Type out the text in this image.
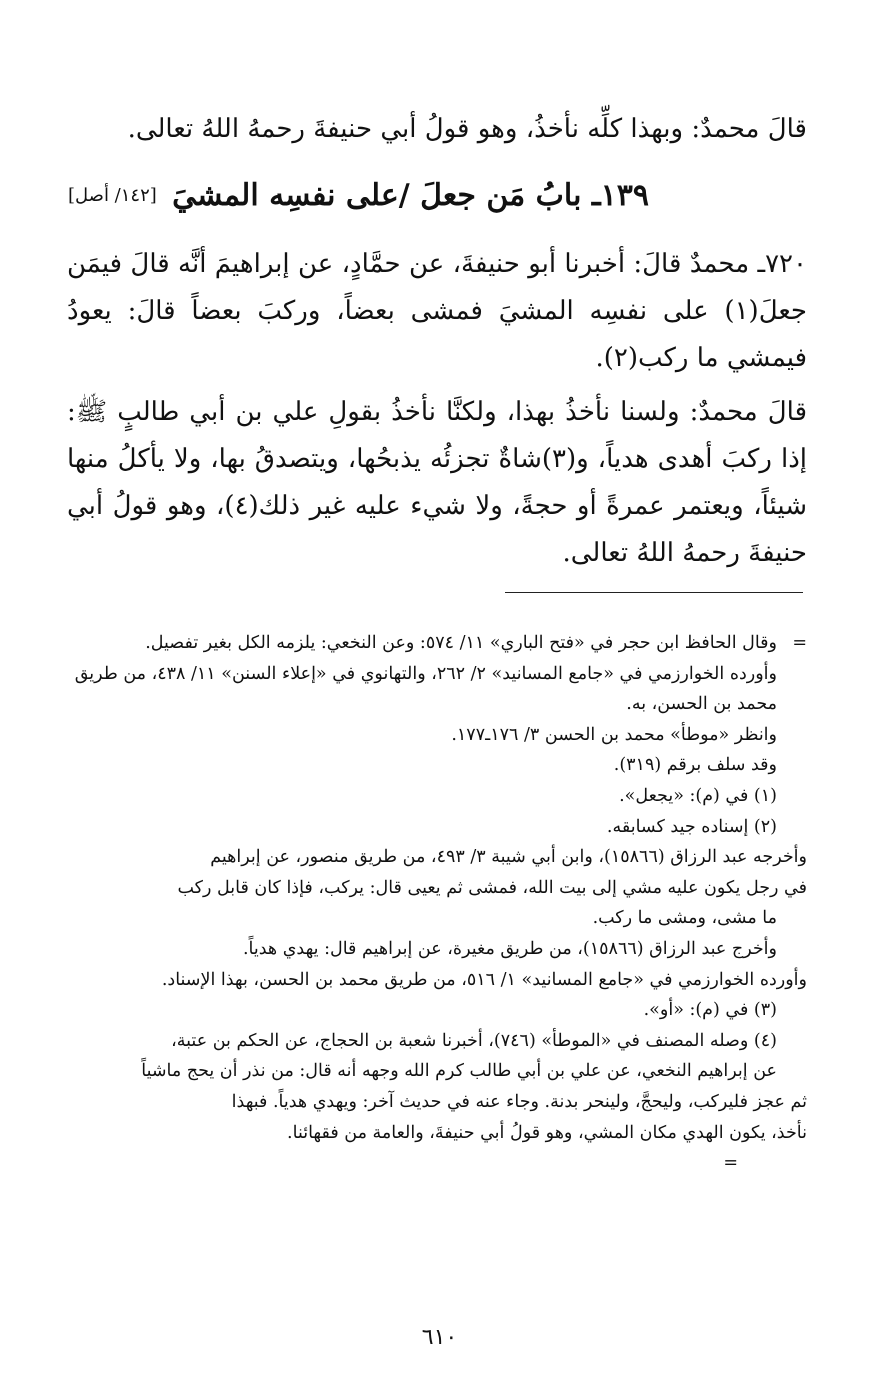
قالَ محمدٌ: وبهذا كلِّه نأخذُ، وهو قولُ أبي حنيفةَ رحمهُ اللهُ تعالى.

١٣٩ـ بابُ مَن جعلَ /على نفسِه المشيَ
[١٤٢/ أصل]

٧٢٠ـ محمدٌ قالَ: أخبرنا أبو حنيفةَ، عن حمَّادٍ، عن إبراهيمَ أنَّه قالَ فيمَن جعلَ(١) على نفسِه المشيَ فمشى بعضاً، وركبَ بعضاً قالَ: يعودُ فيمشي ما ركب(٢).

قالَ محمدٌ: ولسنا نأخذُ بهذا، ولكنَّا نأخذُ بقولِ علي بن أبي طالبٍ ﷺ: إذا ركبَ أهدى هدياً، و(٣)شاةٌ تجزئُه يذبحُها، ويتصدقُ بها، ولا يأكلُ منها شيئاً، ويعتمر عمرةً أو حجةً، ولا شيء عليه غير ذلك(٤)، وهو قولُ أبي حنيفةَ رحمهُ اللهُ تعالى.

=
وقال الحافظ ابن حجر في «فتح الباري» ١١/ ٥٧٤: وعن النخعي: يلزمه الكل بغير تفصيل.
وأورده الخوارزمي في «جامع المسانيد» ٢/ ٢٦٢، والتهانوي في «إعلاء السنن» ١١/ ٤٣٨، من طريق محمد بن الحسن، به.
وانظر «موطأ» محمد بن الحسن ٣/ ١٧٦ـ١٧٧.
وقد سلف برقم (٣١٩).
(١) في (م): «يجعل».
(٢) إسناده جيد كسابقه.
وأخرجه عبد الرزاق (١٥٨٦٦)، وابن أبي شيبة ٣/ ٤٩٣، من طريق منصور، عن إبراهيم
في رجل يكون عليه مشي إلى بيت الله، فمشى ثم يعيى قال: يركب، فإذا كان قابل ركب
ما مشى، ومشى ما ركب.
وأخرج عبد الرزاق (١٥٨٦٦)، من طريق مغيرة، عن إبراهيم قال: يهدي هدياً.
وأورده الخوارزمي في «جامع المسانيد» ١/ ٥١٦، من طريق محمد بن الحسن، بهذا الإسناد.
(٣) في (م): «أو».
(٤) وصله المصنف في «الموطأ» (٧٤٦)، أخبرنا شعبة بن الحجاج، عن الحكم بن عتبة،
عن إبراهيم النخعي، عن علي بن أبي طالب كرم الله وجهه أنه قال: من نذر أن يحج ماشياً
ثم عجز فليركب، وليحجَّ، ولينحر بدنة. وجاء عنه في حديث آخر: ويهدي هدياً. فبهذا
نأخذ، يكون الهدي مكان المشي، وهو قولُ أبي حنيفةَ، والعامة من فقهائنا.
=
٦١٠
